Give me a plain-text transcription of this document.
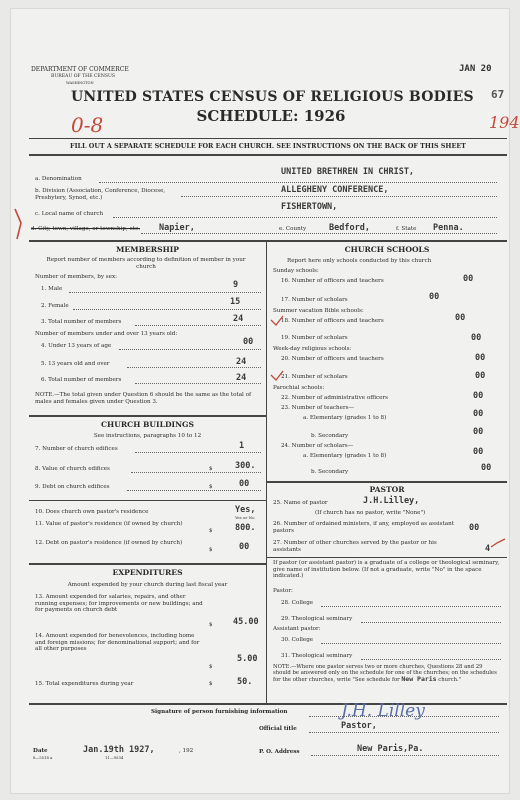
DEPARTMENT OF COMMERCE
BUREAU OF THE CENSUS
WASHINGTON
JAN 20
67
194
UNITED STATES CENSUS OF RELIGIOUS BODIES
SCHEDULE: 1926
0-8
FILL OUT A SEPARATE SCHEDULE FOR EACH CHURCH. SEE INSTRUCTIONS ON THE BACK OF THIS SHEET
a. Denomination
UNITED BRETHREN IN CHRIST,
b. Division (Association, Conference, Diocese, Presbytery, Synod, etc.)
ALLEGHENY CONFERENCE,
c. Local name of church
FISHERTOWN,
d. City, town, village, or township, etc. Napier,	e. County	Bedford,	f. State Penna.
MEMBERSHIP
Report number of members according to definition of member in your church
Number of members, by sex:
1. Male	9
2. Female	15
3. Total number of members	24
Number of members under and over 13 years old:
4. Under 13 years of age	00
5. 13 years old and over	24
6. Total number of members	24
NOTE.—The total given under Question 6 should be the same as the total of males and females given under Question 3.
CHURCH BUILDINGS
See instructions, paragraphs 10 to 12
7. Number of church edifices	1
8. Value of church edifices	$	300.
9. Debt on church edifices	$	00
10. Does church own pastor's residence	Yes,
Yes or No
11. Value of pastor's residence (if owned by church)
$	800.
12. Debt on pastor's residence (if owned by church)
$	00
EXPENDITURES
Amount expended by your church during last fiscal year
13. Amount expended for salaries, repairs, and other running expenses; for improvements or new buildings; and for payments on church debt
$ 45.00
14. Amount expended for benevolences, including home and foreign missions; for denominational support; and for all other purposes
$
5.00
15. Total expenditures during year	$	50.
CHURCH SCHOOLS
Report here only schools conducted by this church
Sunday schools:
16. Number of officers and teachers	00
17. Number of scholars	00
Summer vacation Bible schools:
18. Number of officers and teachers	00
19. Number of scholars	00
Week-day religious schools:
20. Number of officers and teachers	00
21. Number of scholars	00
Parochial schools:
22. Number of administrative officers	00
23. Number of teachers—
a. Elementary (grades 1 to 8)	00
b. Secondary	00
24. Number of scholars—
a. Elementary (grades 1 to 8)	00
b. Secondary	00
PASTOR
25. Name of pastor	J.H.Lilley,
(If church has no pastor, write "None")
26. Number of ordained ministers, if any, employed as assistant pastors	00
27. Number of other churches served by the pastor or his assistants	4
If pastor (or assistant pastor) is a graduate of a college or theological seminary, give name of institution below. (If not a graduate, write "No" in the space indicated.)
Pastor:
28. College
29. Theological seminary
Assistant pastor:
30. College
31. Theological seminary
NOTE.—Where one pastor serves two or more churches, Questions 28 and 29 should be answered only on the schedule for one of the churches; on the schedules for the other churches, write "See schedule for New Paris church."
Signature of person furnishing information	J.H. Lilley
Official title	Pastor,
Date	Jan.19th 1927,	, 192
8—5518 a	11—9534
P. O. Address	New Paris,Pa.
